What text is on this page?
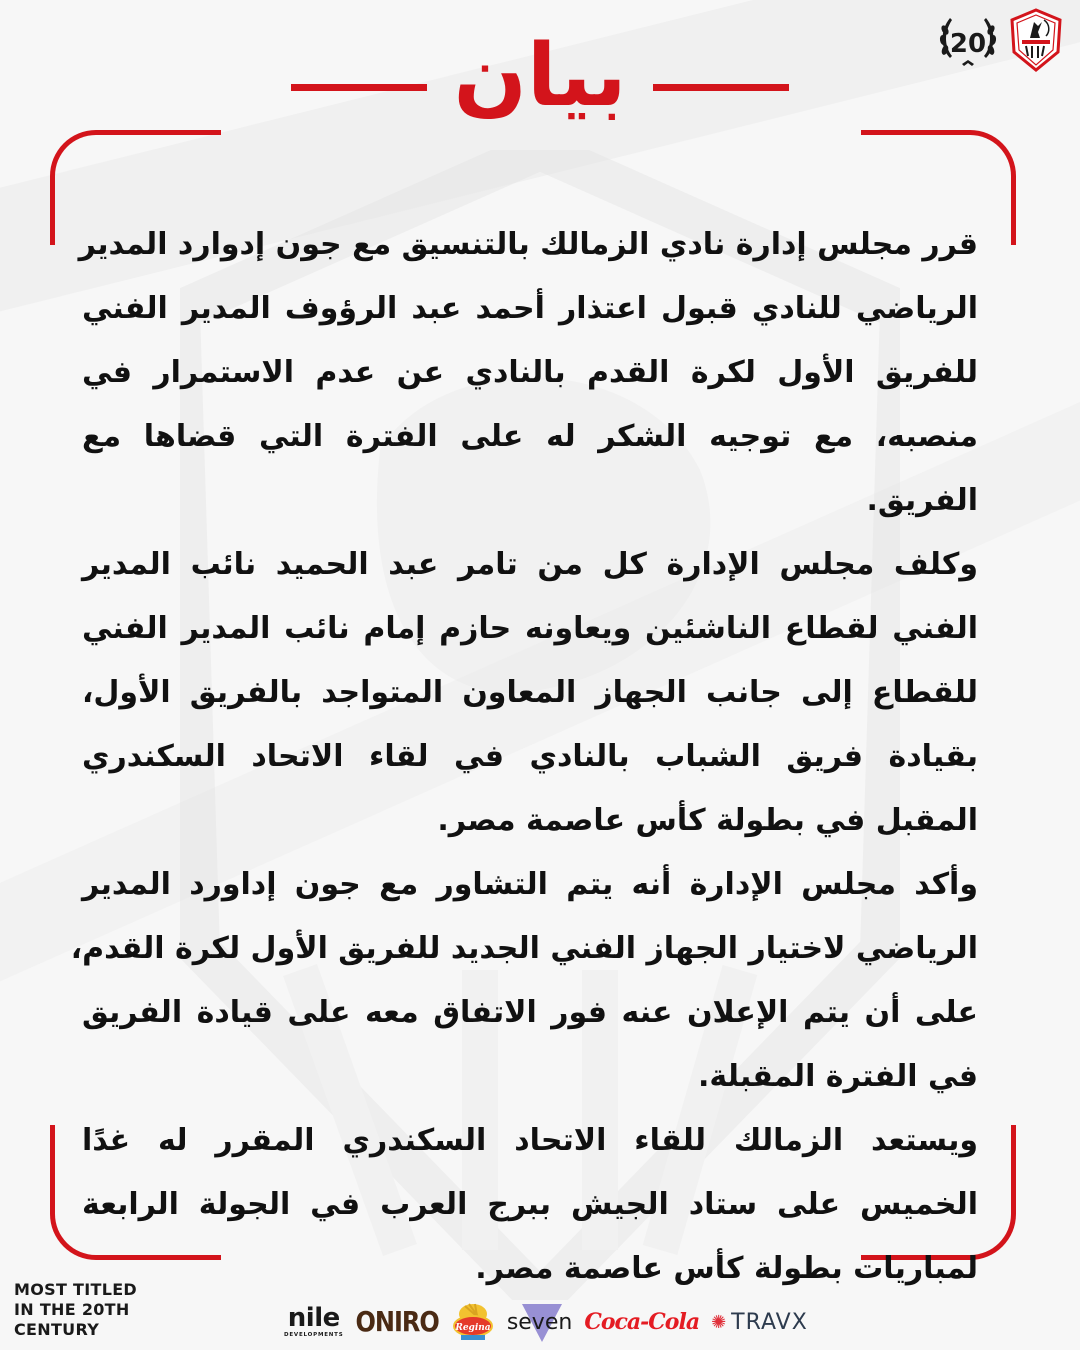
20
بيان
قرر مجلس إدارة نادي الزمالك بالتنسيق مع جون إدوارد المدير
الرياضي للنادي قبول اعتذار أحمد عبد الرؤوف المدير الفني
للفريق الأول لكرة القدم بالنادي عن عدم الاستمرار في
منصبه، مع توجيه الشكر له على الفترة التي قضاها مع
الفريق.
وكلف مجلس الإدارة كل من تامر عبد الحميد نائب المدير
الفني لقطاع الناشئين ويعاونه حازم إمام نائب المدير الفني
للقطاع إلى جانب الجهاز المعاون المتواجد بالفريق الأول،
بقيادة فريق الشباب بالنادي في لقاء الاتحاد السكندري
المقبل في بطولة كأس عاصمة مصر.
وأكد مجلس الإدارة أنه يتم التشاور مع جون إداورد المدير
الرياضي لاختيار الجهاز الفني الجديد للفريق الأول لكرة القدم،
على أن يتم الإعلان عنه فور الاتفاق معه على قيادة الفريق
في الفترة المقبلة.
ويستعد الزمالك للقاء الاتحاد السكندري المقرر له غدًا
الخميس على ستاد الجيش ببرج العرب في الجولة الرابعة
لمباريات بطولة كأس عاصمة مصر.
MOST TITLED
IN THE 20TH
CENTURY	nile
DEVELOPMENTS ONIRO Regina seven Coca-Cola ✺ TRAVX
